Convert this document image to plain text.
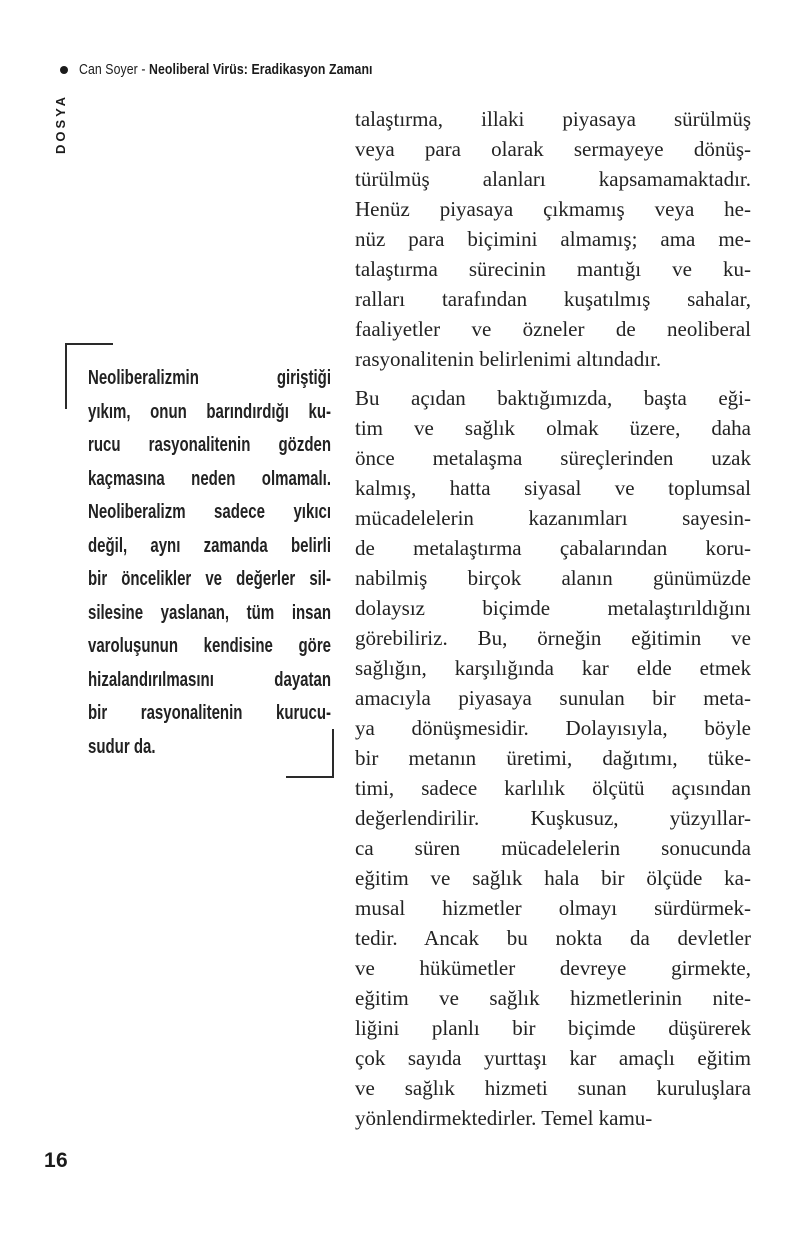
Can Soyer - Neoliberal Virüs: Eradikasyon Zamanı
DOSYA
Neoliberalizmin giriştiği
yıkım, onun barındırdığı ku-
rucu rasyonalitenin gözden
kaçmasına neden olmamalı.
Neoliberalizm sadece yıkıcı
değil, aynı zamanda belirli
bir öncelikler ve değerler sil-
silesine yaslanan, tüm insan
varoluşunun kendisine göre
hizalandırılmasını dayatan
bir rasyonalitenin kurucu-
sudur da.
talaştırma, illaki piyasaya sürülmüş
veya para olarak sermayeye dönüş-
türülmüş alanları kapsamamaktadır.
Henüz piyasaya çıkmamış veya he-
nüz para biçimini almamış; ama me-
talaştırma sürecinin mantığı ve ku-
ralları tarafından kuşatılmış sahalar,
faaliyetler ve özneler de neoliberal
rasyonalitenin belirlenimi altındadır.
Bu açıdan baktığımızda, başta eği-
tim ve sağlık olmak üzere, daha
önce metalaşma süreçlerinden uzak
kalmış, hatta siyasal ve toplumsal
mücadelelerin kazanımları sayesin-
de metalaştırma çabalarından koru-
nabilmiş birçok alanın günümüzde
dolaysız biçimde metalaştırıldığını
görebiliriz. Bu, örneğin eğitimin ve
sağlığın, karşılığında kar elde etmek
amacıyla piyasaya sunulan bir meta-
ya dönüşmesidir. Dolayısıyla, böyle
bir metanın üretimi, dağıtımı, tüke-
timi, sadece karlılık ölçütü açısından
değerlendirilir. Kuşkusuz, yüzyıllar-
ca süren mücadelelerin sonucunda
eğitim ve sağlık hala bir ölçüde ka-
musal hizmetler olmayı sürdürmek-
tedir. Ancak bu nokta da devletler
ve hükümetler devreye girmekte,
eğitim ve sağlık hizmetlerinin nite-
liğini planlı bir biçimde düşürerek
çok sayıda yurttaşı kar amaçlı eğitim
ve sağlık hizmeti sunan kuruluşlara
yönlendirmektedirler. Temel kamu-
16
